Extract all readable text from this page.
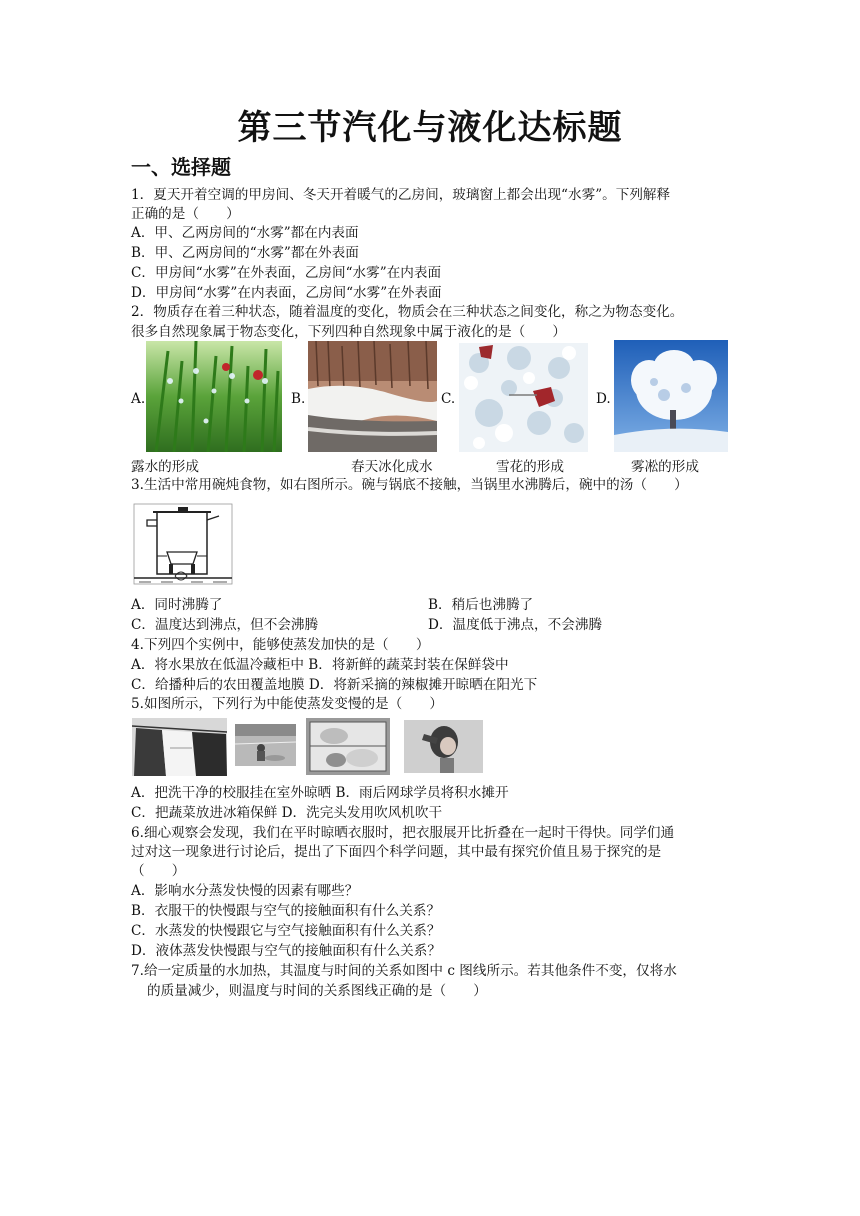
第三节汽化与液化达标题
一、选择题
1．夏天开着空调的甲房间、冬天开着暖气的乙房间，玻璃窗上都会出现“水雾”。下列解释
正确的是（　　）
A．甲、乙两房间的“水雾”都在内表面
B．甲、乙两房间的“水雾”都在外表面
C．甲房间“水雾”在外表面，乙房间“水雾”在内表面
D．甲房间“水雾”在内表面，乙房间“水雾”在外表面
2．物质存在着三种状态，随着温度的变化，物质会在三种状态之间变化，称之为物态变化。
很多自然现象属于物态变化，下列四种自然现象中属于液化的是（　　）
A.
露水的形成
B.
春天冰化成水
C.
雪花的形成
D.
雾凇的形成
3.生活中常用碗炖食物，如右图所示。碗与锅底不接触，当锅里水沸腾后，碗中的汤（　　）
A．同时沸腾了	B．稍后也沸腾了
C．温度达到沸点，但不会沸腾	D．温度低于沸点，不会沸腾
4.下列四个实例中，能够使蒸发加快的是（　　）
A．将水果放在低温冷藏柜中 B．将新鲜的蔬菜封装在保鲜袋中
C．给播种后的农田覆盖地膜 D．将新采摘的辣椒摊开晾晒在阳光下
5.如图所示，下列行为中能使蒸发变慢的是（　　）
A．把洗干净的校服挂在室外晾晒 B．雨后网球学员将积水摊开
C．把蔬菜放进冰箱保鲜 D．洗完头发用吹风机吹干
6.细心观察会发现，我们在平时晾晒衣服时，把衣服展开比折叠在一起时干得快。同学们通
过对这一现象进行讨论后，提出了下面四个科学问题，其中最有探究价值且易于探究的是
（　　）
A．影响水分蒸发快慢的因素有哪些？
B．衣服干的快慢跟与空气的接触面积有什么关系？
C．水蒸发的快慢跟它与空气接触面积有什么关系？
D．液体蒸发快慢跟与空气的接触面积有什么关系？
7.给一定质量的水加热，其温度与时间的关系如图中 c 图线所示。若其他条件不变，仅将水
的质量减少，则温度与时间的关系图线正确的是（　　）
